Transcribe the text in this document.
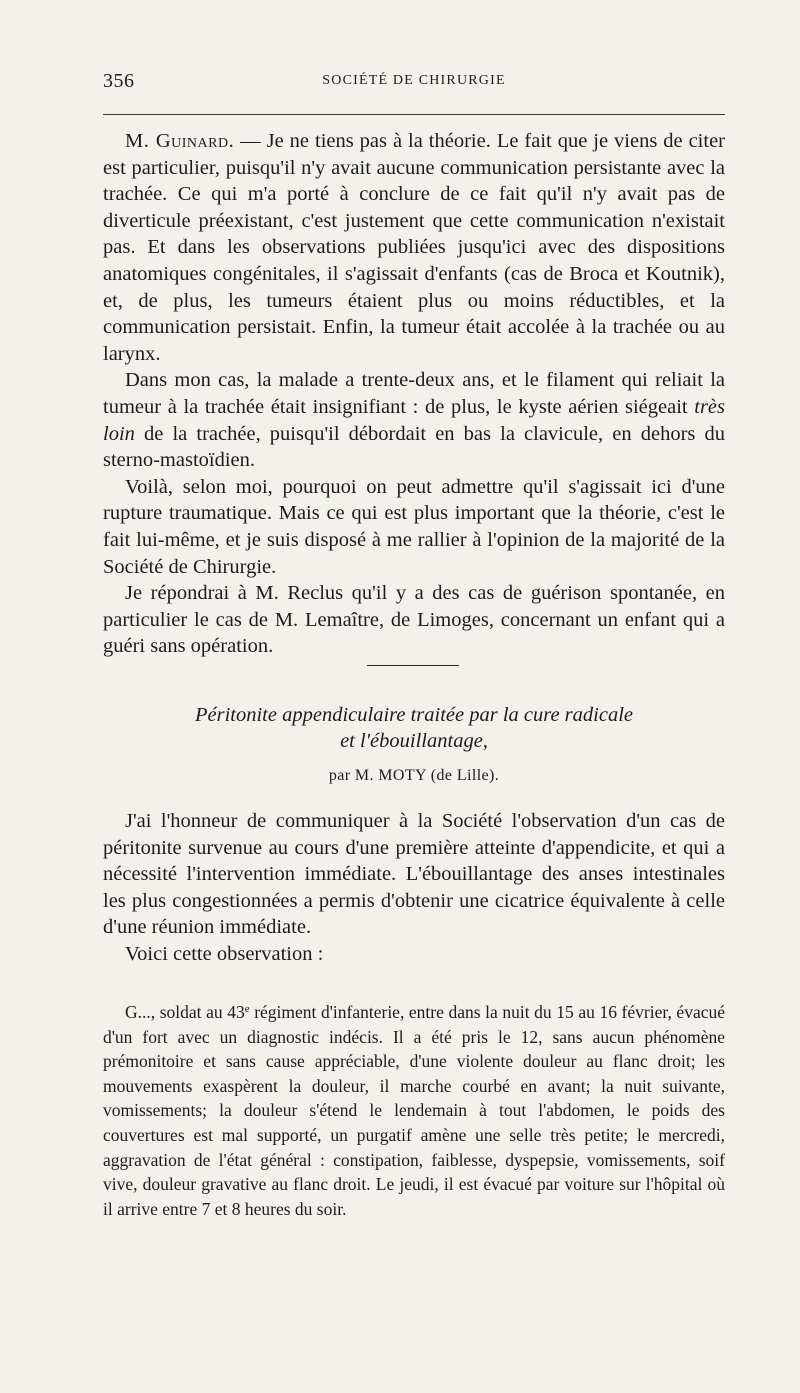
356	SOCIÉTÉ DE CHIRURGIE

M. Guinard. — Je ne tiens pas à la théorie. Le fait que je viens de citer est particulier, puisqu'il n'y avait aucune communication persistante avec la trachée. Ce qui m'a porté à conclure de ce fait qu'il n'y avait pas de diverticule préexistant, c'est justement que cette communication n'existait pas. Et dans les observations publiées jusqu'ici avec des dispositions anatomiques congénitales, il s'agissait d'enfants (cas de Broca et Koutnik), et, de plus, les tumeurs étaient plus ou moins réductibles, et la communication persistait. Enfin, la tumeur était accolée à la trachée ou au larynx.

Dans mon cas, la malade a trente-deux ans, et le filament qui reliait la tumeur à la trachée était insignifiant : de plus, le kyste aérien siégeait très loin de la trachée, puisqu'il débordait en bas la clavicule, en dehors du sterno-mastoïdien.

Voilà, selon moi, pourquoi on peut admettre qu'il s'agissait ici d'une rupture traumatique. Mais ce qui est plus important que la théorie, c'est le fait lui-même, et je suis disposé à me rallier à l'opinion de la majorité de la Société de Chirurgie.

Je répondrai à M. Reclus qu'il y a des cas de guérison spontanée, en particulier le cas de M. Lemaître, de Limoges, concernant un enfant qui a guéri sans opération.

Péritonite appendiculaire traitée par la cure radicale
et l'ébouillantage,
par M. MOTY (de Lille).

J'ai l'honneur de communiquer à la Société l'observation d'un cas de péritonite survenue au cours d'une première atteinte d'appendicite, et qui a nécessité l'intervention immédiate. L'ébouillantage des anses intestinales les plus congestionnées a permis d'obtenir une cicatrice équivalente à celle d'une réunion immédiate.

Voici cette observation :

G..., soldat au 43e régiment d'infanterie, entre dans la nuit du 15 au 16 février, évacué d'un fort avec un diagnostic indécis. Il a été pris le 12, sans aucun phénomène prémonitoire et sans cause appréciable, d'une violente douleur au flanc droit; les mouvements exaspèrent la douleur, il marche courbé en avant; la nuit suivante, vomissements; la douleur s'étend le lendemain à tout l'abdomen, le poids des couvertures est mal supporté, un purgatif amène une selle très petite; le mercredi, aggravation de l'état général : constipation, faiblesse, dyspepsie, vomissements, soif vive, douleur gravative au flanc droit. Le jeudi, il est évacué par voiture sur l'hôpital où il arrive entre 7 et 8 heures du soir.
